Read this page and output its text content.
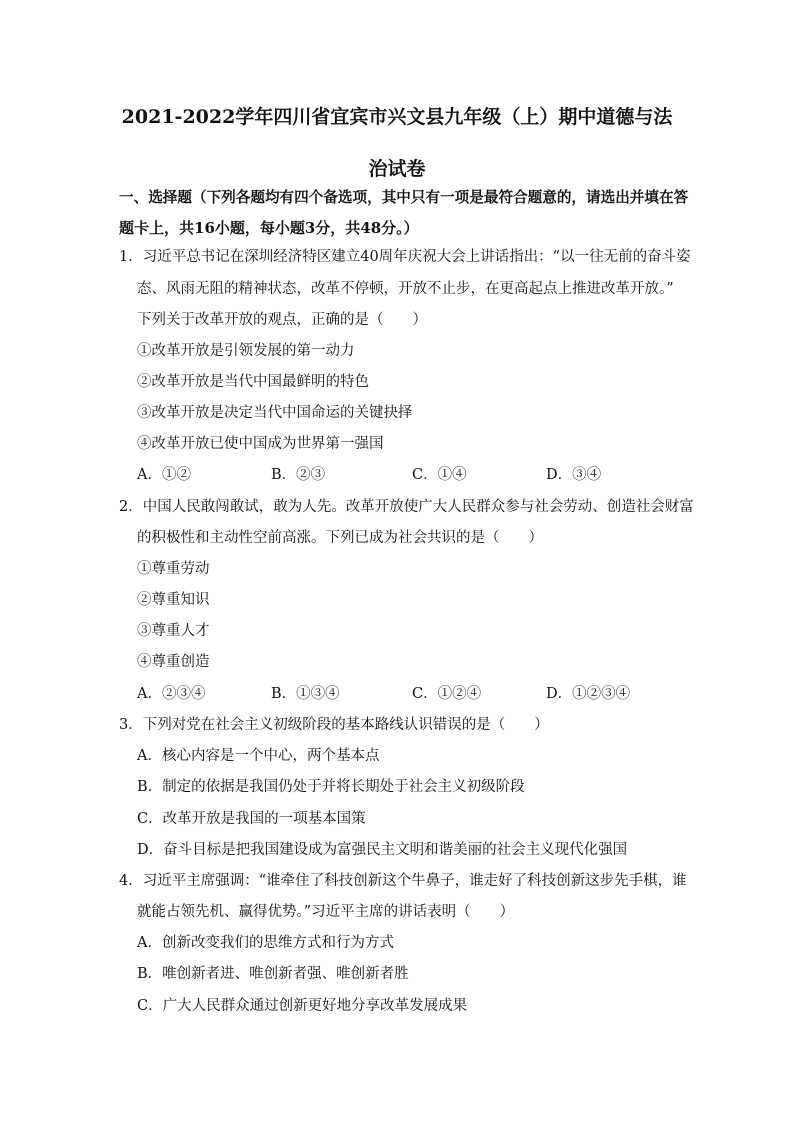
2021-2022学年四川省宜宾市兴文县九年级（上）期中道德与法
治试卷
一、选择题（下列各题均有四个备选项，其中只有一项是最符合题意的，请选出并填在答
题卡上，共16小题，每小题3分，共48分。）
1．习近平总书记在深圳经济特区建立40周年庆祝大会上讲话指出：“以一往无前的奋斗姿
态、风雨无阻的精神状态，改革不停顿，开放不止步，在更高起点上推进改革开放。”
下列关于改革开放的观点，正确的是（　　）
①改革开放是引领发展的第一动力
②改革开放是当代中国最鲜明的特色
③改革开放是决定当代中国命运的关键抉择
④改革开放已使中国成为世界第一强国
A．①②	B．②③	C．①④	D．③④
2．中国人民敢闯敢试，敢为人先。改革开放使广大人民群众参与社会劳动、创造社会财富
的积极性和主动性空前高涨。下列已成为社会共识的是（　　）
①尊重劳动
②尊重知识
③尊重人才
④尊重创造
A．②③④	B．①③④	C．①②④	D．①②③④
3．下列对党在社会主义初级阶段的基本路线认识错误的是（　　）
A．核心内容是一个中心，两个基本点
B．制定的依据是我国仍处于并将长期处于社会主义初级阶段
C．改革开放是我国的一项基本国策
D．奋斗目标是把我国建设成为富强民主文明和谐美丽的社会主义现代化强国
4．习近平主席强调：“谁牵住了科技创新这个牛鼻子，谁走好了科技创新这步先手棋，谁
就能占领先机、赢得优势。”习近平主席的讲话表明（　　）
A．创新改变我们的思维方式和行为方式
B．唯创新者进、唯创新者强、唯创新者胜
C．广大人民群众通过创新更好地分享改革发展成果
